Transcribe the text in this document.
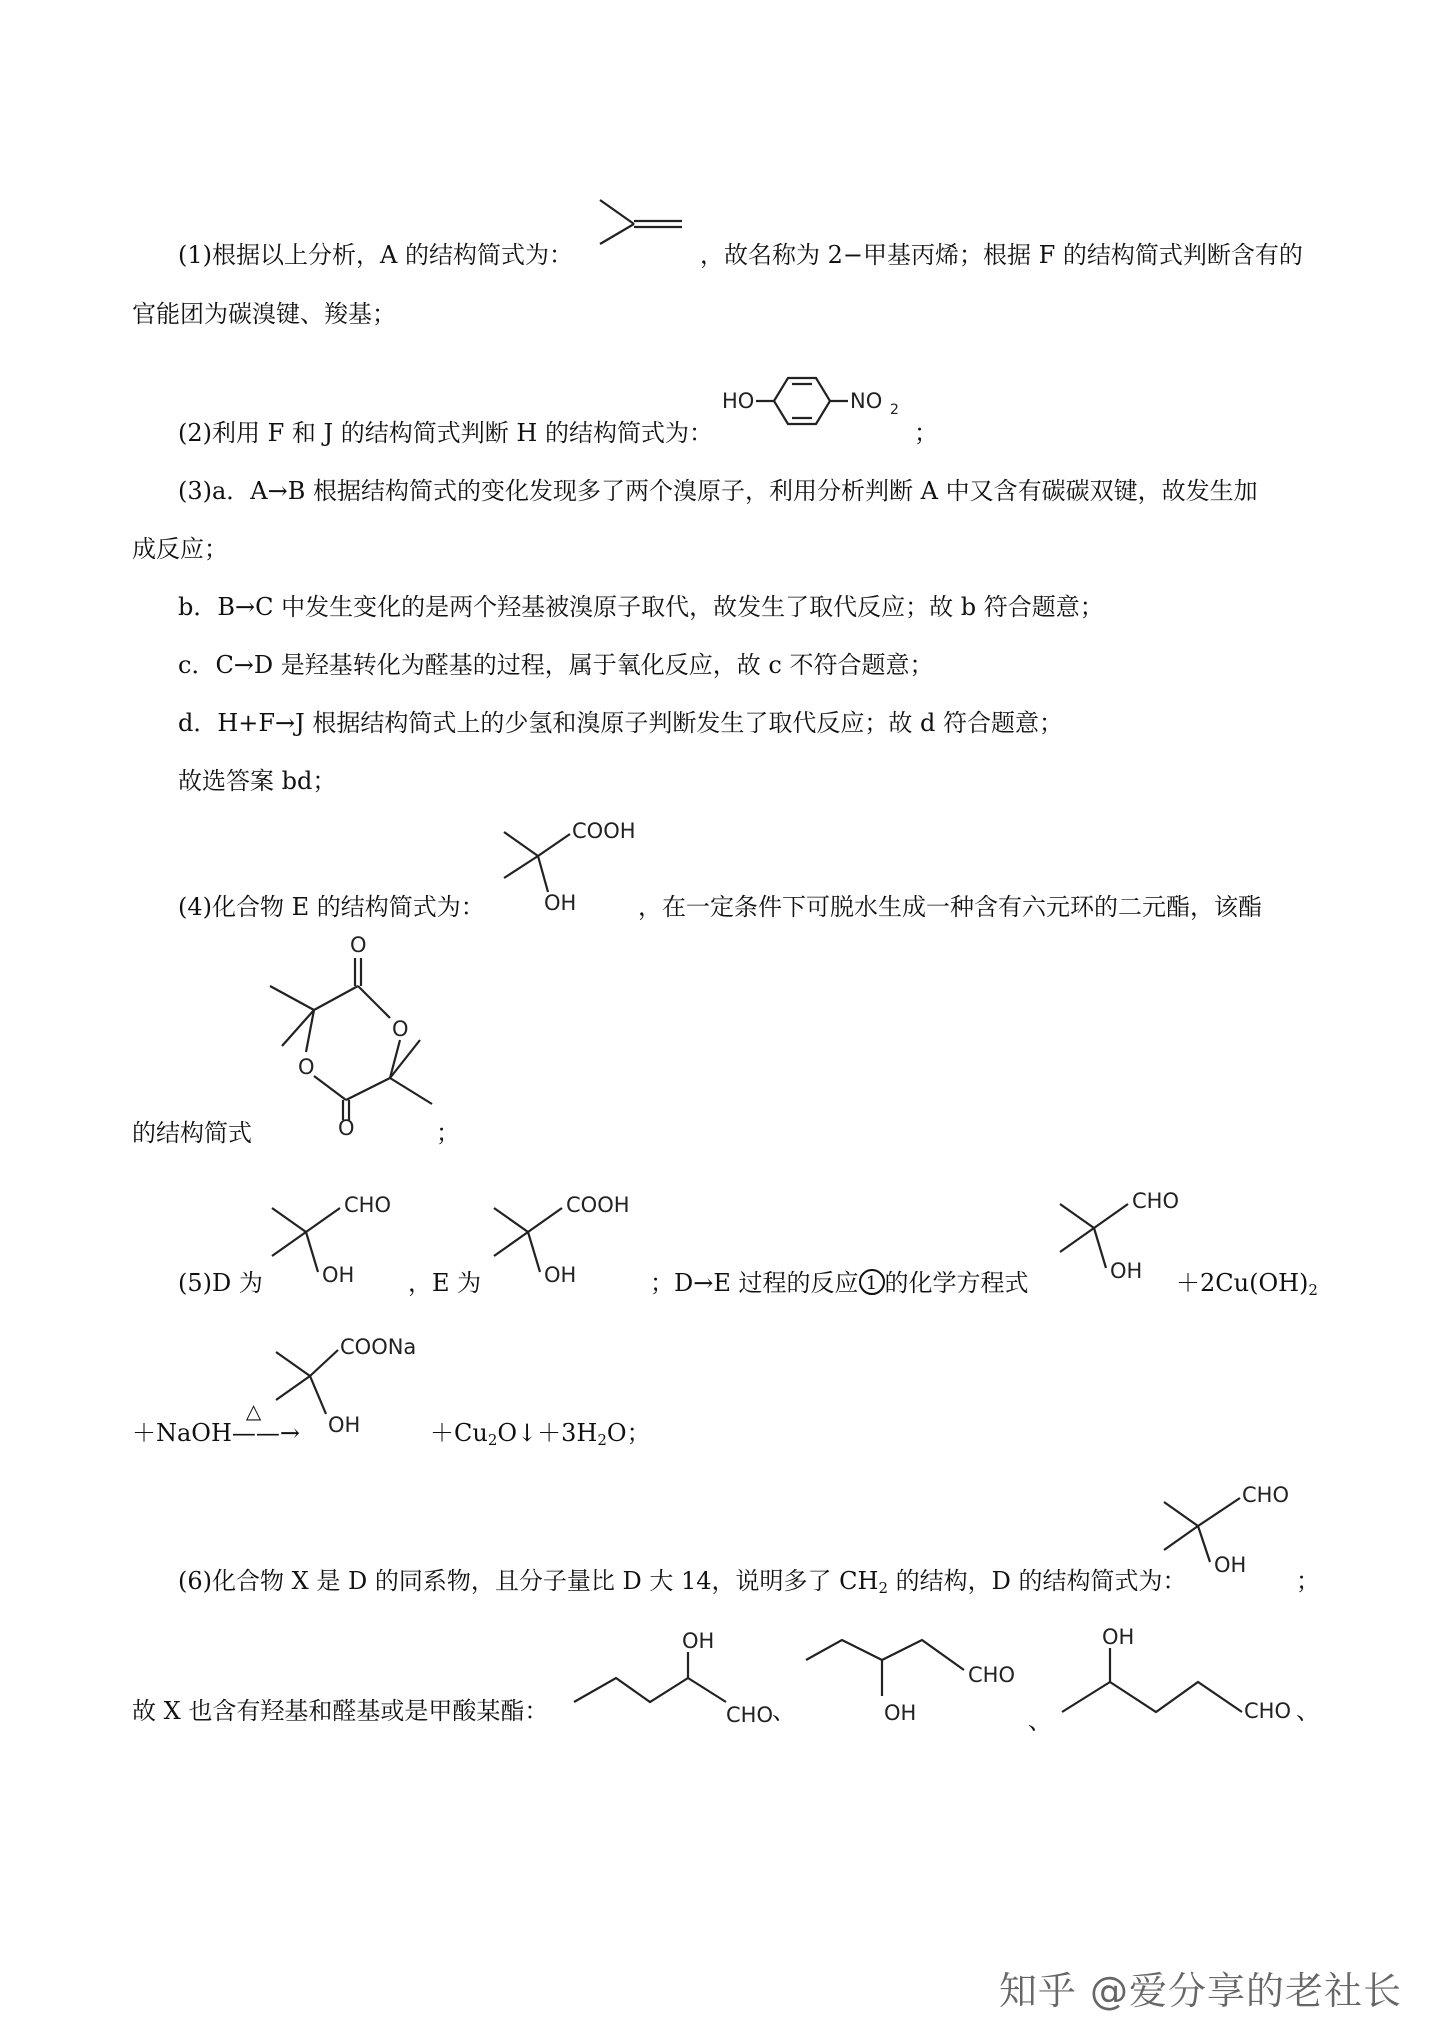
(1)根据以上分析，A 的结构简式为：	，故名称为 2−甲基丙烯；根据 F 的结构简式判断含有的
官能团为碳溴键、羧基；
(2)利用 F 和 J 的结构简式判断 H 的结构简式为：
HO	NO 2
；
(3)a．A→B 根据结构简式的变化发现多了两个溴原子，利用分析判断 A 中又含有碳碳双键，故发生加
成反应；
b．B→C 中发生变化的是两个羟基被溴原子取代，故发生了取代反应；故 b 符合题意；
c．C→D 是羟基转化为醛基的过程，属于氧化反应，故 c 不符合题意；
d．H+F→J 根据结构简式上的少氢和溴原子判断发生了取代反应；故 d 符合题意；
故选答案 bd；
(4)化合物 E 的结构简式为：
COOH
OH	，在一定条件下可脱水生成一种含有六元环的二元酯，该酯
O
O
O
O
的结构简式	；
(5)D 为
CHO
OH ，E 为
COOH
OH	；D→E 过程的反应 1 的化学方程式
CHO
OH $+2Cu(OH)_2$
＋NaOH
△
——→
COONa
OH	$+Cu_2O↓+3H_2O$；
CHO
OH
(6)化合物 X 是 D 的同系物，且分子量比 D 大 14，说明多了 $CH_2$ 的结构，D 的结构简式为：	；
故 X 也含有羟基和醛基或是甲酸某酯：
OH
CHO 、	OH
CHO
、
OH
CHO 、
知乎 @爱分享的老社长
